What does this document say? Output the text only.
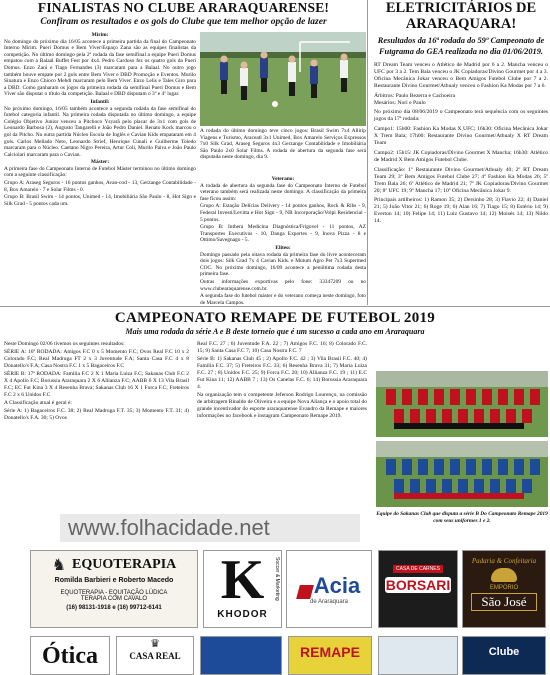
FINALISTAS NO CLUBE ARARAQUARENSE!
Confiram os resultados e os gols do Clube que tem melhor opção de lazer
Mirim:

No domingo do próximo dia 16/05 acontece a primeira partida da final do Campeonato Interno Mirim. Pueri Domus e Bem Viver/Espaço Zana são as equipes finalistas da competição. No último domingo pela 2ª rodada da fase semifinal a equipe Pueri Domus empatou com a Balaal Buffet Fest por 4x4. Pedro Cardoso fez os quatro gols da Pueri Domus. Enzo Zani e Tiago Fernandes (3) marcaram para a Balaal. No outro jogo também houve empate por 2 gols entre Bem Viver e DBD Promoção e Eventos. Murilo Sinatura e Enzo Chioco Mehdi marcaram pelo Bem Viver. Enzo Lelis e Tales Giro para a DBD. Como ganharam os jogos da primeira rodada da semifinal Pueri Domus e Bem Viver são disputar o título da competição. Balaal e DBD disputam o 3º e 4º lugar.

Infantil:

No próximo domingo, 16/05 também acontece a segunda rodada da fase semifinal do futebol categoria infantil. Na primeira rodada disputada no último domingo, a equipe Colégio Objetivo Junior venceu a Pitchoco Ysyarã pelo placar de 3x1 com gols de Leonardo Barbosa (2), Augusto Tangarelli e João Pedro Daniel. Renato Kock marcou o gol da Pitcho. Na outra partida Núcleo Escola de Inglês e Cavian Kids empataram em 4 gols. Carlos Mellado Neto, Leonardo Strief, Henrique Cunali e Guilherme Toledo marcaram para o Núcleo. Caetano Nigro Pereira, Artur Coli, Murilo Paiva e João Paulo Calciolari marcaram para o Cavian.

Máster:

A primeira fase do Campeonato Interno de Futebol Máster terminou no último domingo com a seguinte classificação:

Grupo A: Araseg Seguros - 16 pontos ganhos, Avan-cod - 13, Gerzange Contabilidade - 8, Box Amarelo - 7 e Solar Films - 0.

Grupo B: Brasil Swim - 14 pontos, Unimed - 14, Imobiliária São Paulo - 8, Hot Sign e Silk Grad - 5 pontos cada um.

A rodada do último domingo teve cinco jogos: Brasil Swim 7x4 Allirip Viagens e Turismo, Araceatl 3x1 Unimed, Box Amarelo Serviços Expressos 7x0 Silk Grad, Araseg Seguros 4x3 Gerzange Contabilidade e Imobiliária São Paulo 2x0 Solar Films. A rodada de abertura da segunda fase será disputada neste domingo, dia 9.
Veterano:

A rodada de abertura da segunda fase do Campeonato Interno de Futebol veterano também será realizada neste domingo. A classificação da primeira fase ficou assim:

Grupo A: Estação Delícias Delivery - 14 pontos ganhos, Rock & Ribs - 9, Federal Investi/Levitta e Hot Sign - 9, NR Incorporação/Volpi Residencial - 5 pontos.

Grupo B: Inthera Medicina Diagnóstica/Frigovel - 11 pontos, AZ Transportes Executivos - 10, Danga Exportes - 9, Inova Pizza - 8 e Ottimo/Savegnago - 5.

Eliteo:

Domingo passado pela oitava rodada da primeira fase do livre aconteceram dois jogos: Silk Grad 7x 4 Cavian Kids. e Mutum Agro Pet 7x3 Supermed COC. No próximo domingo, 16/09 acontece a penúltima rodada desta primeira fase.

Outras informações exportivas pelo fone: 33347209 ou no www.clubearaquarense.com.br.

A segunda fase do futebol máster e do veterano começa neste domingo, foto de Marcela Campos.

ELETRICITÁRIOS DE ARARAQUARA!
Resultados da 16ª rodada do 59º Campeonato de Futgrama do GEA realizada no dia 01/06/2019.

RT Dream Team venceu o Atlético de Madrid por 6 a 2. Mancha venceu o UFC por 3 a 2. Tem Bala venceu o JK Copiadoras/Divino Gourmet por 4 a 3. Oficina Mecânica Jokar venceu o Bem Amigos Futebol Clube por 7 a 2. Restaurante Divino Gourmet/Athualy venceu o Fashion Ka Modas por 7 a 6.

Árbitros: Paulo Bezerra e Cachoeira
Mesários: Nori e Paulo

No próximo dia 08/06/2019 o Campeonato terá sequência com os seguintes jogos da 17ª rodada:

Campo1: 15h00: Fashion Ka Modas X UFC; 16h30: Oficina Mecânica Jokar X Trem Bala; 17h00: Restaurante Divino Gourmet/Athualy X RT Dream Team

Campo2: 15h15: JK Copiadoras/Divino Gourmet X Mancha; 16h30: Atlético de Madrid X Bem Amigos Futebol Clube.

Classificação: 1º Restaurante Divino Gourmet/Athualy 40; 2º RT Dream Team 29; 3º Bem Amigos Futebol Clube 27; 4º Fashion Ka Modas 26; 5º Trem Bala 26; 6º Atlético de Madrid 21; 7º JK Copiadoras/Divino Gourmet 20; 8º UFC 19; 9º Mancha 17; 10º Oficina Mecânica Jokar 9.

Principais artilheiros: 1) Ramon 35; 2) Dersinho 28; 3) Flavio 22; 4) Daniel 21; 5) João Vitor 21; 6) Roge 19; 6) Alan 16; 7) Tiago 15; 8) Estério 14; 9) Everton 14; 10) Felipe 14; 11) Luiz Gustavo 14; 12) Moisés 14; 13) Nildo 14.

CAMPEONATO REMAPE DE FUTEBOL 2019
Mais uma rodada da série A e B deste torneio que é um sucesso a cada ano em Araraquara

Neste Domingo 02/06 tivemos os seguintes resultados:

SÉRIE A: 16ª RODADA: Amigos F.C 0 x 5 Momento F.C; Ovos Real F.C 10 x 2 Colorado F.C; Real Madruga FT 2 x 3 Juventude F.A; Santa Casa F.C 4 x 8 Donatello's F.A; Casa Nostra F.C 1 x 5 Bagaceiros F.C

SÉRIE B: 17ª RODADA: Familia F.C 2 X 1 Maria Luiza F.C; Sakanas Club F.C 2 X 4 Apollo F.C; Borussia Araraquara 2 X 6 Allianza F.C; AABB 6 X 13 Vila Brasil F.C; EC Fut Kina 3 X 4 Resenha Brava; Sakanas Club 16 X 1 Forca F.C; Freteiros F.C 2 x 6 Unidos F.C

A Classificação atual é geral é:

Série A: 1) Bagaceiros F.C. 38; 2) Real Madruga F.T. 35; 3) Momento F.T. 31; 4) Donatello's F.A. 30; 5) Ovos

Real F.C. 27 ; 6) Juventude F.A. 22 ; 7) Amigos F.C. 16; 8) Colorado F.C. 15; 9) Santa Casa F.C 7; 10) Casa Nostra F.C. 7

Série B: 1) Sakanas Club 45 ; 2) Apollo F.C. 42 ; 3) Vila Brasil F.C. 40; 4) Familia F.C. 37; 5) Freteiros F.C. 33; 6) Resenha Brava 31; 7) Maria Luiza F.C. 27 ; 8) Unidos F.C. 25; 9) Forca F.C. 20; 10) Allianza F.C. 19 ; 11) E.C Fut Kina 11; 12) AABB 7 ; 13) Os Canelas F.C. 6; 14) Borussia Araraquara 4.

Na organização tem o competente Jeferson Rodrigo Lourenço, na comissão de arbitragem Rinaldo de Oliveira e a equipe Nova Aliança e o apoio total do grande incentivador do esporte araraquarense Evandro da Remape e maiores informações no facebook e instagram Campeonato Remape 2019.

Equipe do Sakanas Club que disputa a série B Do Campeonato Remape 2019 com seus uniformes 1 e 2.
www.folhacidade.net
♞ EQUOTERAPIA
Romilda Barbieri e Roberto Macedo
EQUOTERAPIA - EQUITAÇÃO LÚDICA
TERAPIA COM CAVALO
(16) 98131-1918 e (16) 99712-6141	K
KHODOR
Soccer & Marketing Acia
de Araraquara
CASA DE CARNES
BORSARI
Padaria & Confeitaria
EMPÓRIO
São José
Ótica	♛
CASA REAL	REMAPE	Clube
